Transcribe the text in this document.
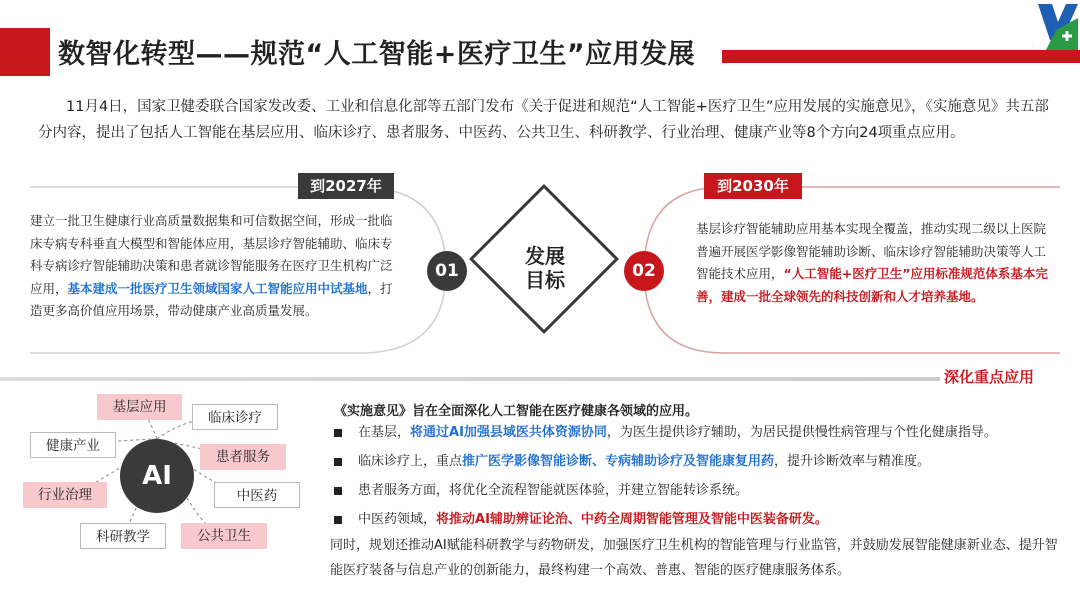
数智化转型——规范“人工智能+医疗卫生”应用发展
11月4日，国家卫健委联合国家发改委、工业和信息化部等五部门发布《关于促进和规范“人工智能+医疗卫生”应用发展的实施意见》，《实施意见》共五部分内容，提出了包括人工智能在基层应用、临床诊疗、患者服务、中医药、公共卫生、科研教学、行业治理、健康产业等8个方向24项重点应用。
到2027年	到2030年
建立一批卫生健康行业高质量数据集和可信数据空间，形成一批临床专病专科垂直大模型和智能体应用，基层诊疗智能辅助、临床专科专病诊疗智能辅助决策和患者就诊智能服务在医疗卫生机构广泛应用，基本建成一批医疗卫生领域国家人工智能应用中试基地，打造更多高价值应用场景，带动健康产业高质量发展。
基层诊疗智能辅助应用基本实现全覆盖，推动实现二级以上医院普遍开展医学影像智能辅助诊断、临床诊疗智能辅助决策等人工智能技术应用，“人工智能+医疗卫生”应用标准规范体系基本完善，建成一批全球领先的科技创新和人才培养基地。
01	02
发展
目标
深化重点应用
AI
基层应用
临床诊疗
健康产业
患者服务
行业治理	中医药
科研教学	公共卫生
《实施意见》旨在全面深化人工智能在医疗健康各领域的应用。
在基层，将通过AI加强县域医共体资源协同，为医生提供诊疗辅助，为居民提供慢性病管理与个性化健康指导。
临床诊疗上，重点推广医学影像智能诊断、专病辅助诊疗及智能康复用药，提升诊断效率与精准度。
患者服务方面，将优化全流程智能就医体验，并建立智能转诊系统。
中医药领域，将推动AI辅助辨证论治、中药全周期智能管理及智能中医装备研发。
同时，规划还推动AI赋能科研教学与药物研发，加强医疗卫生机构的智能管理与行业监管，并鼓励发展智能健康新业态、提升智能医疗装备与信息产业的创新能力，最终构建一个高效、普惠、智能的医疗健康服务体系。
